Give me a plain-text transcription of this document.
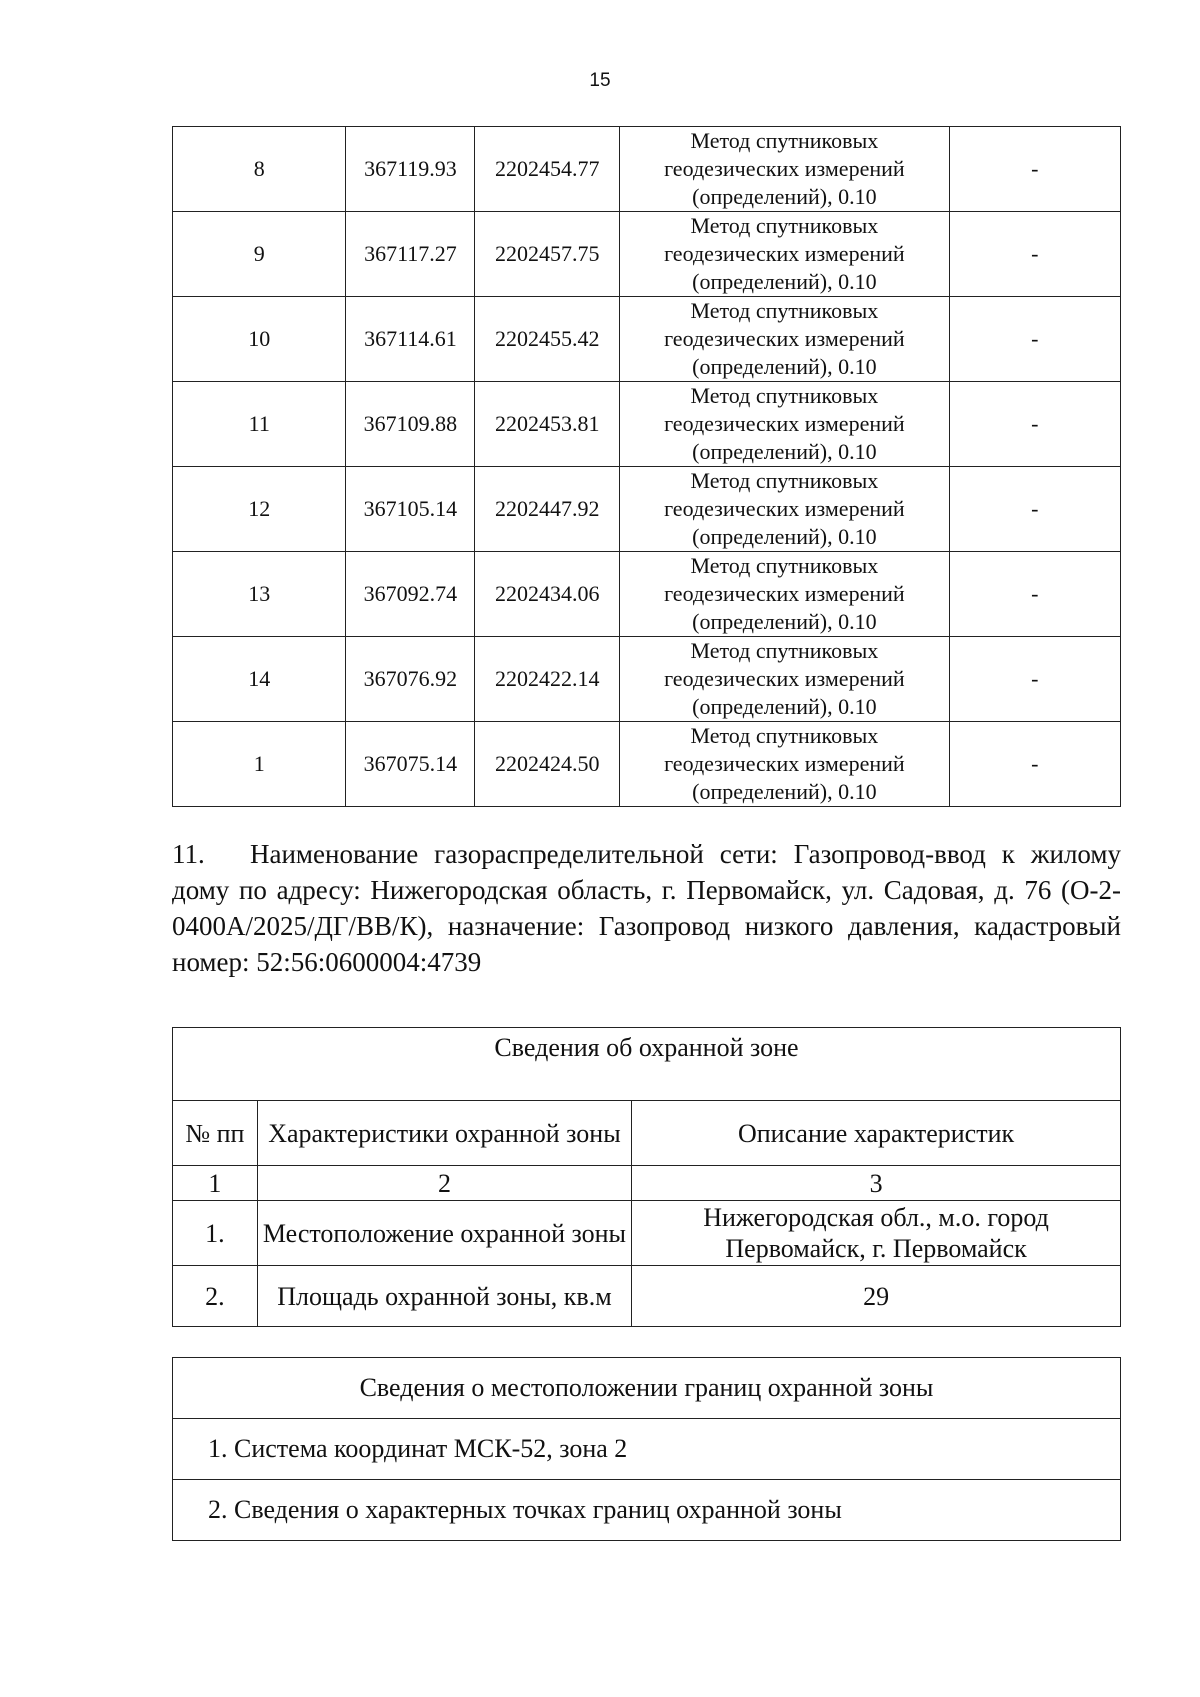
15
8	367119.93	2202454.77	Метод спутниковых
геодезических измерений
(определений), 0.10	-
9	367117.27	2202457.75	Метод спутниковых
геодезических измерений
(определений), 0.10	-
10	367114.61	2202455.42	Метод спутниковых
геодезических измерений
(определений), 0.10	-
11	367109.88	2202453.81	Метод спутниковых
геодезических измерений
(определений), 0.10	-
12	367105.14	2202447.92	Метод спутниковых
геодезических измерений
(определений), 0.10	-
13	367092.74	2202434.06	Метод спутниковых
геодезических измерений
(определений), 0.10	-
14	367076.92	2202422.14	Метод спутниковых
геодезических измерений
(определений), 0.10	-
1	367075.14	2202424.50	Метод спутниковых
геодезических измерений
(определений), 0.10	-
11. Наименование газораспределительной сети: Газопровод-ввод к жилому дому по адресу: Нижегородская область, г. Первомайск, ул. Садовая, д. 76 (О-2-0400А/2025/ДГ/ВВ/К), назначение: Газопровод низкого давления, кадастровый номер: 52:56:0600004:4739
Сведения об охранной зоне		
№ пп	Характеристики охранной зоны	Описание характеристик
1	2	3
1.	Местоположение охранной зоны	Нижегородская обл., м.о. город Первомайск, г. Первомайск
2.	Площадь охранной зоны, кв.м	29
Сведения о местоположении границ охранной зоны
1. Система координат МСК-52, зона 2
2. Сведения о характерных точках границ охранной зоны
